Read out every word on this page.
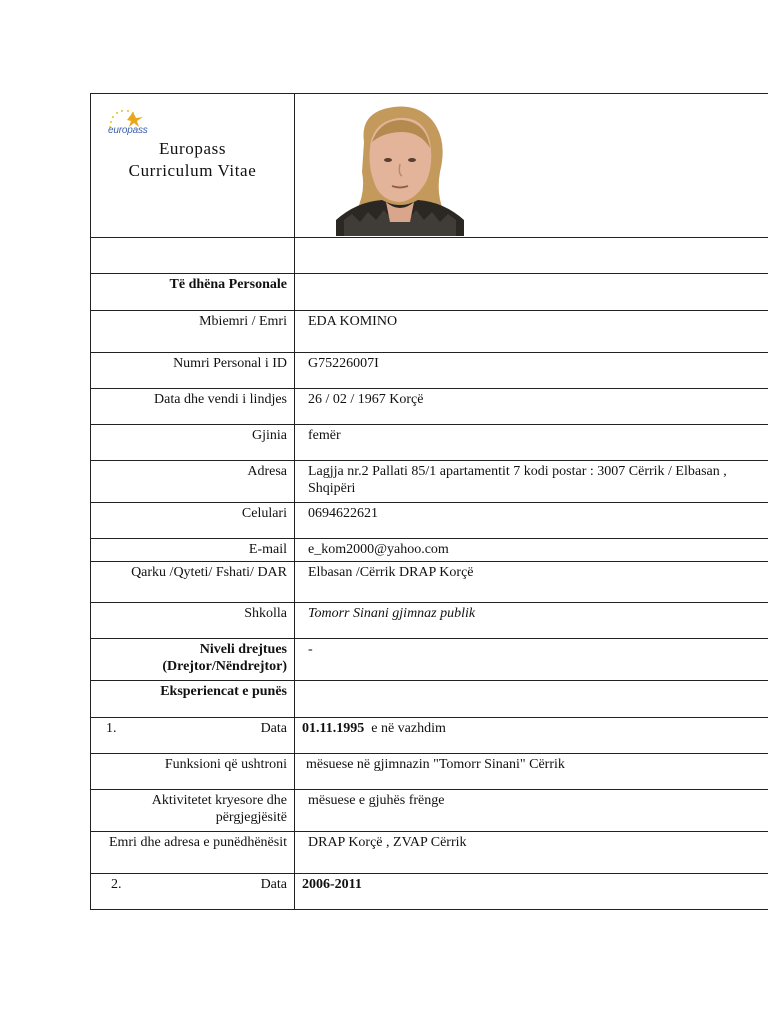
europass
Europass
Curriculum Vitae

Të dhëna Personale	
Mbiemri / Emri	EDA KOMINO
Numri Personal i ID	G75226007I
Data dhe vendi i lindjes	26 / 02 / 1967 Korçë
Gjinia	femër
Adresa	Lagjja nr.2 Pallati 85/1 apartamentit 7 kodi postar : 3007 Cërrik / Elbasan , Shqipëri
Celulari	0694622621
E-mail	e_kom2000@yahoo.com
Qarku /Qyteti/ Fshati/ DAR	Elbasan /Cërrik DRAP Korçë
Shkolla	Tomorr Sinani gjimnaz publik
Niveli drejtues (Drejtor/Nëndrejtor)	-
Eksperiencat e punës	

1. Data	01.11.1995  e në vazhdim
Funksioni që ushtroni	mësuese në gjimnazin "Tomorr Sinani" Cërrik
Aktivitetet kryesore dhe përgjegjësitë	mësuese e gjuhës frënge
Emri dhe adresa e punëdhënësit	DRAP Korçë , ZVAP Cërrik

2. Data	2006-2011
